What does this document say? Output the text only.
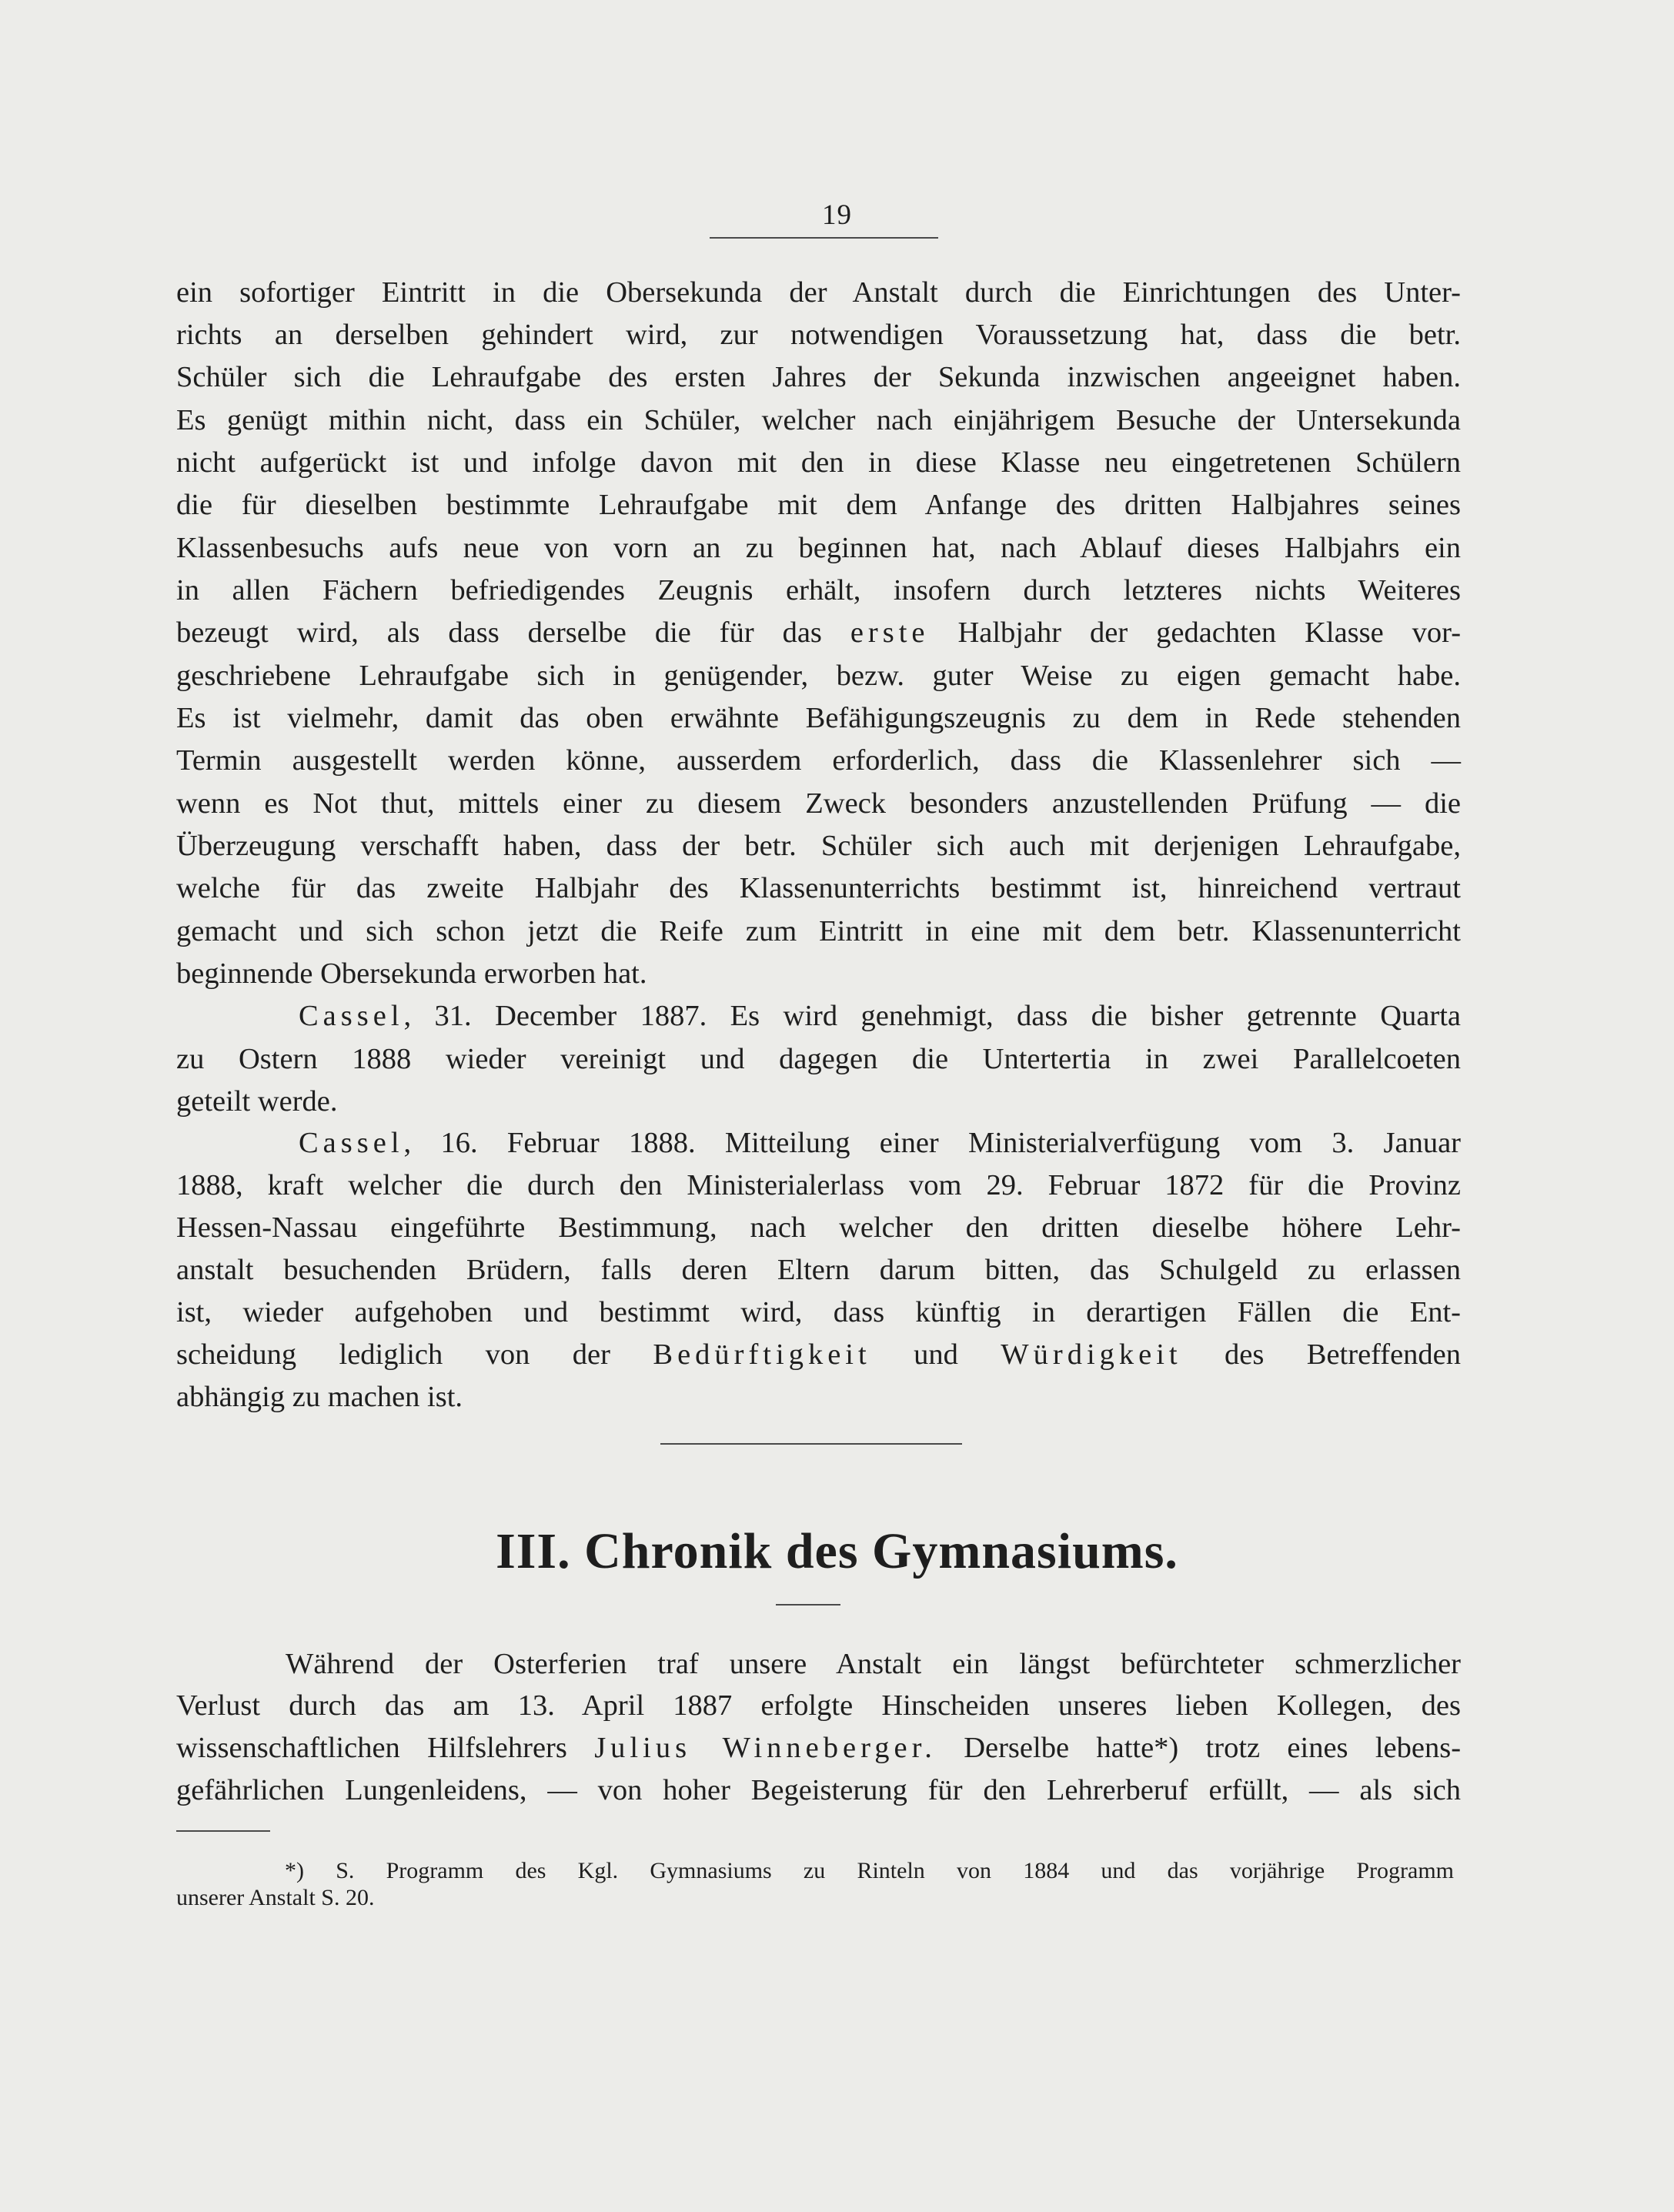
19
ein sofortiger Eintritt in die Obersekunda der Anstalt durch die Einrichtungen des Unter-
richts an derselben gehindert wird, zur notwendigen Voraussetzung hat, dass die betr.
Schüler sich die Lehraufgabe des ersten Jahres der Sekunda inzwischen angeeignet haben.
Es genügt mithin nicht, dass ein Schüler, welcher nach einjährigem Besuche der Untersekunda
nicht aufgerückt ist und infolge davon mit den in diese Klasse neu eingetretenen Schülern
die für dieselben bestimmte Lehraufgabe mit dem Anfange des dritten Halbjahres seines
Klassenbesuchs aufs neue von vorn an zu beginnen hat, nach Ablauf dieses Halbjahrs ein
in allen Fächern befriedigendes Zeugnis erhält, insofern durch letzteres nichts Weiteres
bezeugt wird, als dass derselbe die für das erste Halbjahr der gedachten Klasse vor-
geschriebene Lehraufgabe sich in genügender, bezw. guter Weise zu eigen gemacht habe.
Es ist vielmehr, damit das oben erwähnte Befähigungszeugnis zu dem in Rede stehenden
Termin ausgestellt werden könne, ausserdem erforderlich, dass die Klassenlehrer sich —
wenn es Not thut, mittels einer zu diesem Zweck besonders anzustellenden Prüfung — die
Überzeugung verschafft haben, dass der betr. Schüler sich auch mit derjenigen Lehraufgabe,
welche für das zweite Halbjahr des Klassenunterrichts bestimmt ist, hinreichend vertraut
gemacht und sich schon jetzt die Reife zum Eintritt in eine mit dem betr. Klassenunterricht
beginnende Obersekunda erworben hat.
Cassel, 31. December 1887. Es wird genehmigt, dass die bisher getrennte Quarta
zu Ostern 1888 wieder vereinigt und dagegen die Untertertia in zwei Parallelcoeten
geteilt werde.
Cassel, 16. Februar 1888. Mitteilung einer Ministerialverfügung vom 3. Januar
1888, kraft welcher die durch den Ministerialerlass vom 29. Februar 1872 für die Provinz
Hessen-Nassau eingeführte Bestimmung, nach welcher den dritten dieselbe höhere Lehr-
anstalt besuchenden Brüdern, falls deren Eltern darum bitten, das Schulgeld zu erlassen
ist, wieder aufgehoben und bestimmt wird, dass künftig in derartigen Fällen die Ent-
scheidung lediglich von der Bedürftigkeit und Würdigkeit des Betreffenden
abhängig zu machen ist.
III. Chronik des Gymnasiums.
Während der Osterferien traf unsere Anstalt ein längst befürchteter schmerzlicher
Verlust durch das am 13. April 1887 erfolgte Hinscheiden unseres lieben Kollegen, des
wissenschaftlichen Hilfslehrers Julius Winneberger. Derselbe hatte*) trotz eines lebens-
gefährlichen Lungenleidens, — von hoher Begeisterung für den Lehrerberuf erfüllt, — als sich
*) S. Programm des Kgl. Gymnasiums zu Rinteln von 1884 und das vorjährige Programm
unserer Anstalt S. 20.
